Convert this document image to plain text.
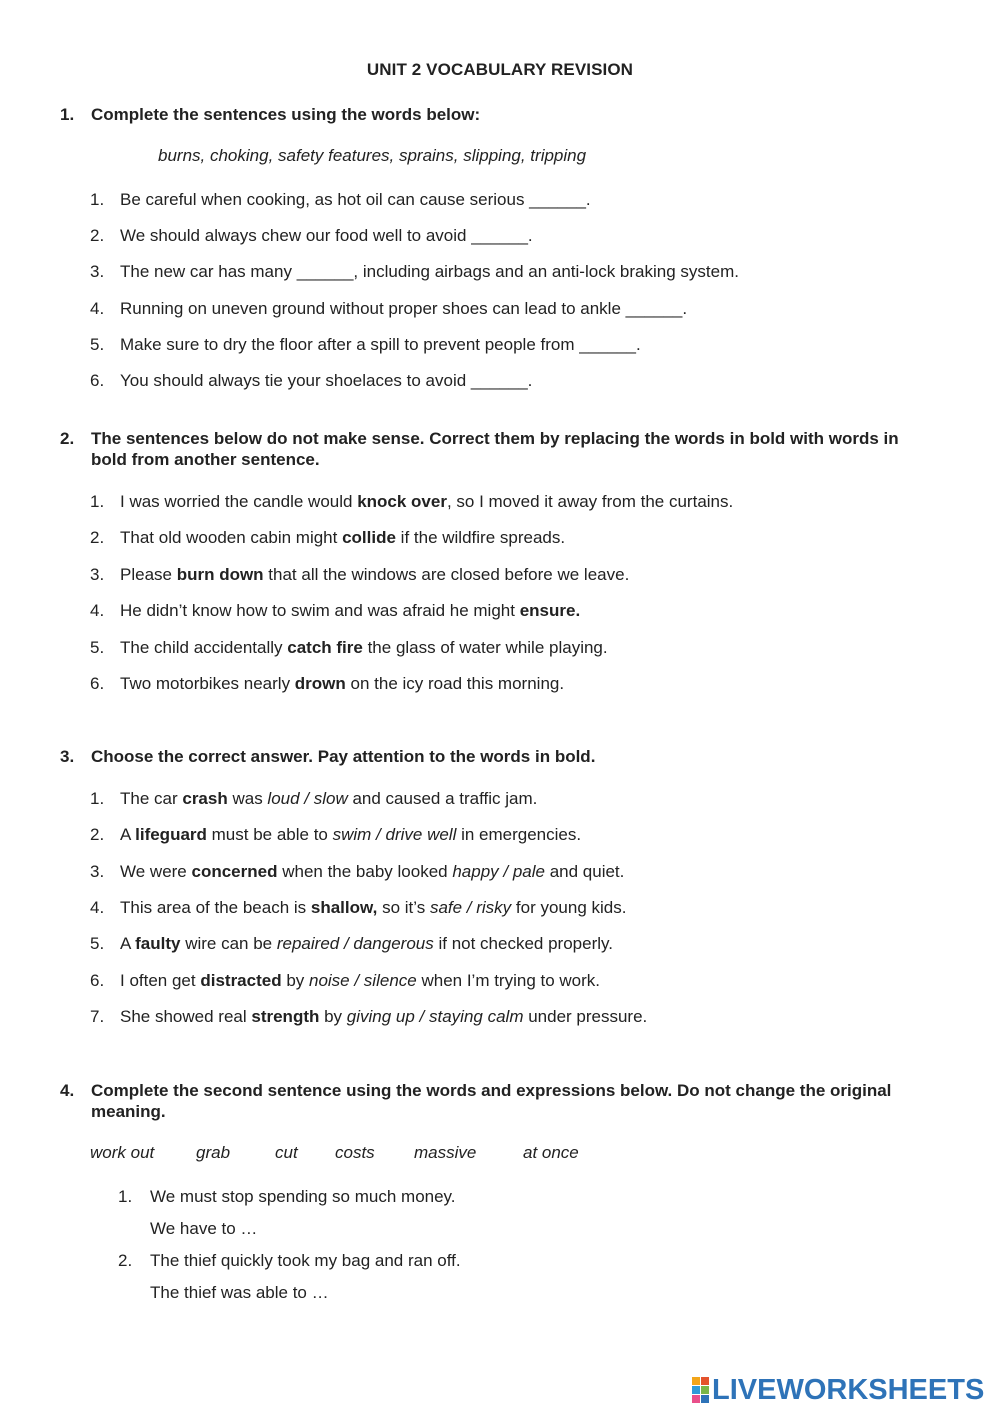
UNIT 2 VOCABULARY REVISION
1. Complete the sentences using the words below:
burns, choking, safety features, sprains, slipping, tripping
1. Be careful when cooking, as hot oil can cause serious ______.
2. We should always chew our food well to avoid ______.
3. The new car has many ______, including airbags and an anti-lock braking system.
4. Running on uneven ground without proper shoes can lead to ankle ______.
5. Make sure to dry the floor after a spill to prevent people from ______.
6. You should always tie your shoelaces to avoid ______.
2. The sentences below do not make sense. Correct them by replacing the words in bold with words in bold from another sentence.
1. I was worried the candle would knock over, so I moved it away from the curtains.
2. That old wooden cabin might collide if the wildfire spreads.
3. Please burn down that all the windows are closed before we leave.
4. He didn’t know how to swim and was afraid he might ensure.
5. The child accidentally catch fire the glass of water while playing.
6. Two motorbikes nearly drown on the icy road this morning.
3. Choose the correct answer. Pay attention to the words in bold.
1. The car crash was loud / slow and caused a traffic jam.
2. A lifeguard must be able to swim / drive well in emergencies.
3. We were concerned when the baby looked happy / pale and quiet.
4. This area of the beach is shallow, so it’s safe / risky for young kids.
5. A faulty wire can be repaired / dangerous if not checked properly.
6. I often get distracted by noise / silence when I’m trying to work.
7. She showed real strength by giving up / staying calm under pressure.
4. Complete the second sentence using the words and expressions below. Do not change the original meaning.
work out grab	cut costs massive	at once
1. We must stop spending so much money.
We have to …
2. The thief quickly took my bag and ran off.
The thief was able to …
LIVEWORKSHEETS
